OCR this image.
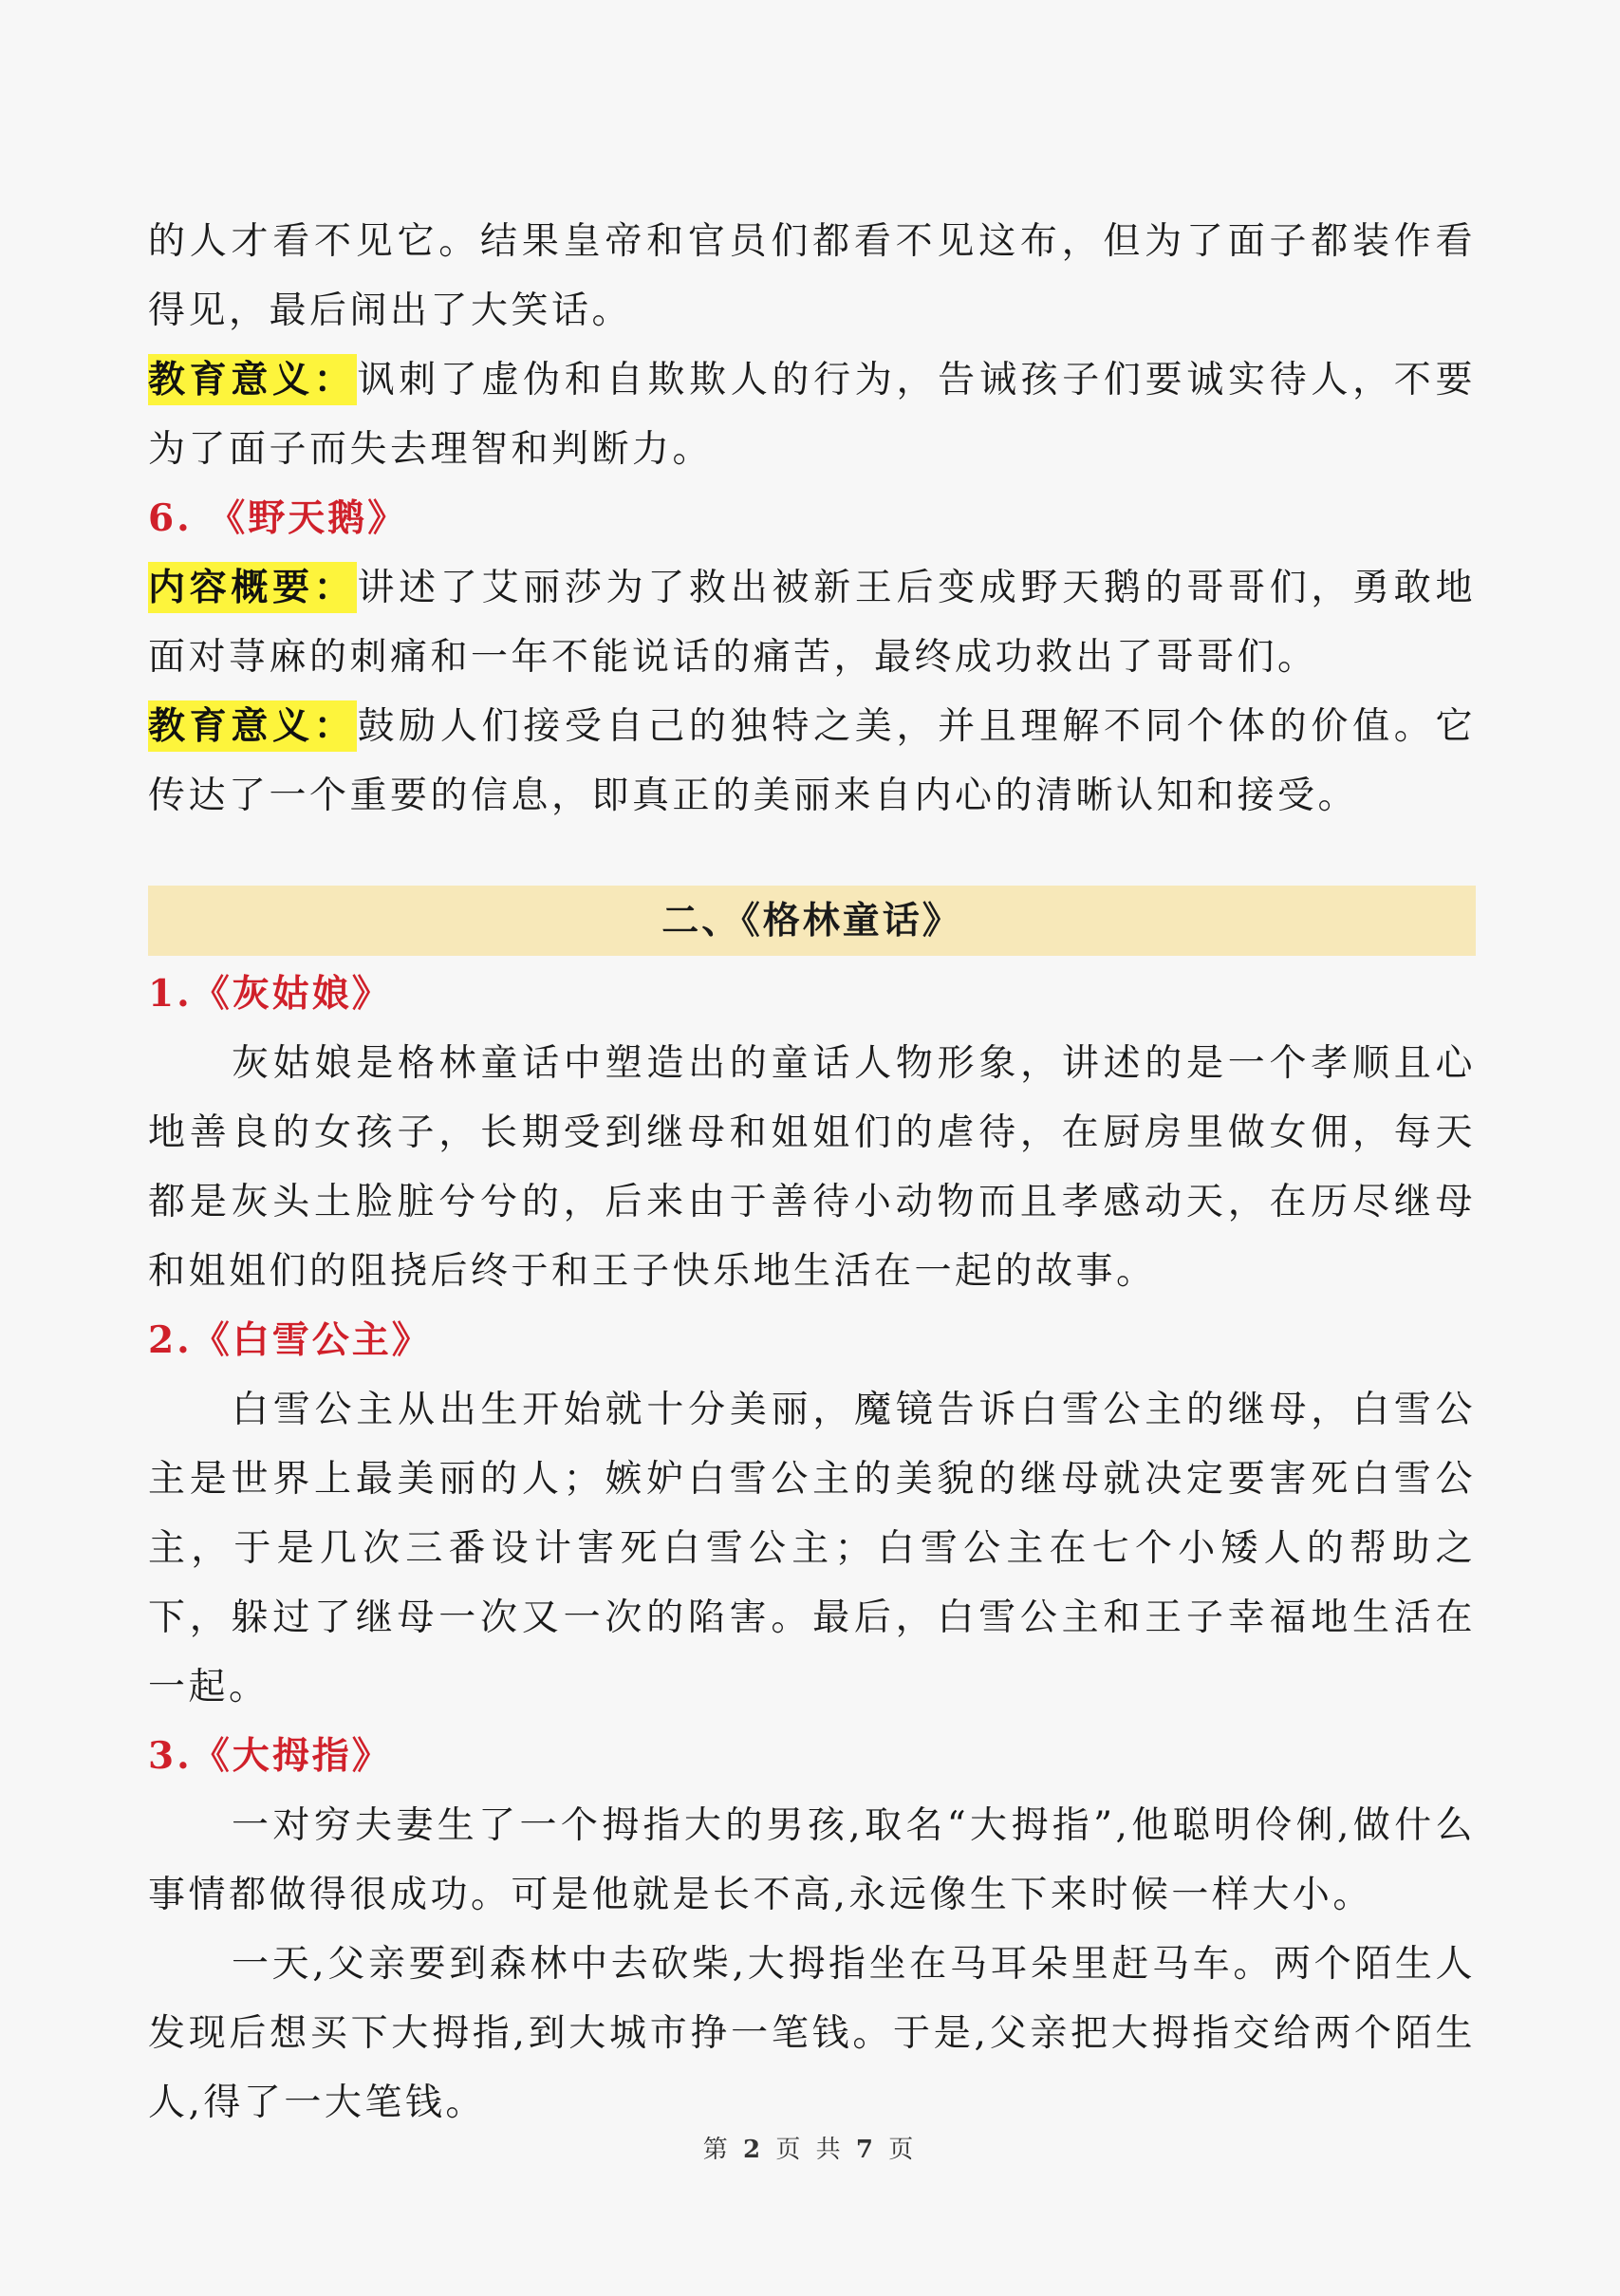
的人才看不见它。结果皇帝和官员们都看不见这布，但为了面子都装作看得见，最后闹出了大笑话。

教育意义：讽刺了虚伪和自欺欺人的行为，告诫孩子们要诚实待人，不要为了面子而失去理智和判断力。

6. 《野天鹅》

内容概要：讲述了艾丽莎为了救出被新王后变成野天鹅的哥哥们，勇敢地面对荨麻的刺痛和一年不能说话的痛苦，最终成功救出了哥哥们。

教育意义：鼓励人们接受自己的独特之美，并且理解不同个体的价值。它传达了一个重要的信息，即真正的美丽来自内心的清晰认知和接受。

二、《格林童话》

1.《灰姑娘》

灰姑娘是格林童话中塑造出的童话人物形象，讲述的是一个孝顺且心地善良的女孩子，长期受到继母和姐姐们的虐待，在厨房里做女佣，每天都是灰头土脸脏兮兮的，后来由于善待小动物而且孝感动天，在历尽继母和姐姐们的阻挠后终于和王子快乐地生活在一起的故事。

2.《白雪公主》

白雪公主从出生开始就十分美丽，魔镜告诉白雪公主的继母，白雪公主是世界上最美丽的人；嫉妒白雪公主的美貌的继母就决定要害死白雪公主，于是几次三番设计害死白雪公主；白雪公主在七个小矮人的帮助之下，躲过了继母一次又一次的陷害。最后，白雪公主和王子幸福地生活在一起。

3.《大拇指》

一对穷夫妻生了一个拇指大的男孩,取名“大拇指”,他聪明伶俐,做什么事情都做得很成功。可是他就是长不高,永远像生下来时候一样大小。

一天,父亲要到森林中去砍柴,大拇指坐在马耳朵里赶马车。两个陌生人发现后想买下大拇指,到大城市挣一笔钱。于是,父亲把大拇指交给两个陌生人,得了一大笔钱。

第 2 页 共 7 页
